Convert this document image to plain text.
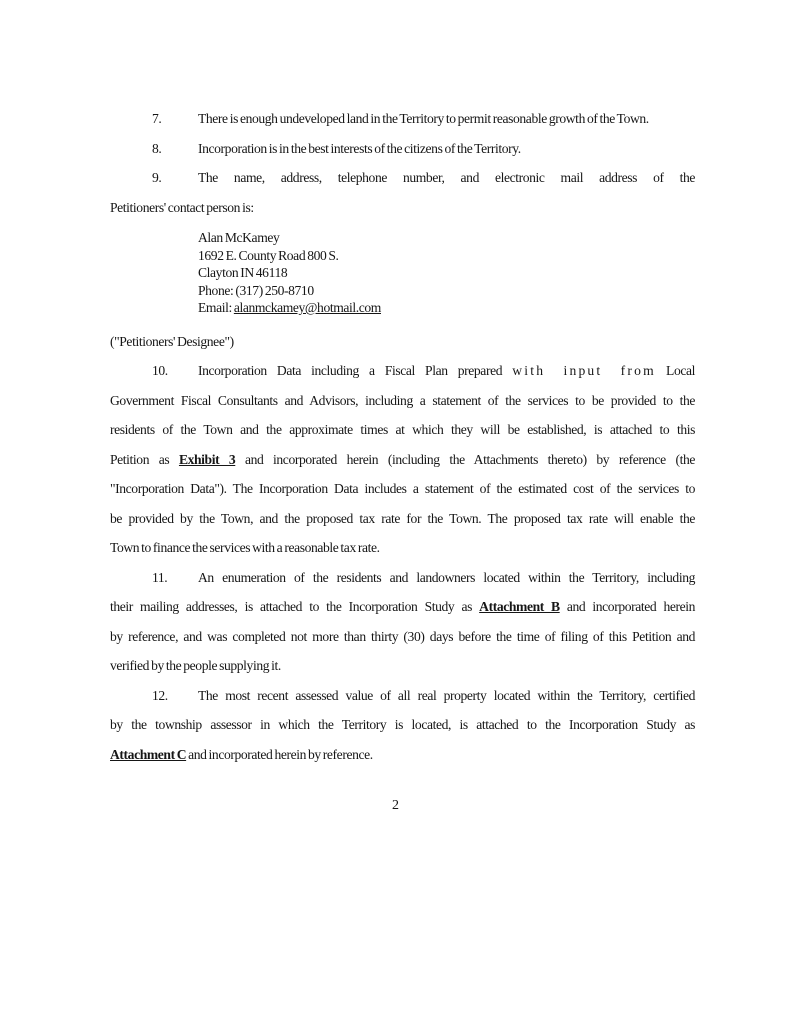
7.	There is enough undeveloped land in the Territory to permit reasonable growth of the Town.
8.	Incorporation is in the best interests of the citizens of the Territory.
9.	The name, address, telephone number, and electronic mail address of the
Petitioners' contact person is:
Alan McKamey
1692 E. County Road 800 S.
Clayton IN 46118
Phone: (317) 250-8710
Email: alanmckamey@hotmail.com
("Petitioners' Designee")
10. Incorporation Data including a Fiscal Plan prepared with input from Local
Government Fiscal Consultants and Advisors, including a statement of the services to be provided to the
residents of the Town and the approximate times at which they will be established, is attached to this
Petition as Exhibit 3 and incorporated herein (including the Attachments thereto) by reference (the
"Incorporation Data"). The Incorporation Data includes a statement of the estimated cost of the services to
be provided by the Town, and the proposed tax rate for the Town. The proposed tax rate will enable the
Town to finance the services with a reasonable tax rate.
11. An enumeration of the residents and landowners located within the Territory, including
their mailing addresses, is attached to the Incorporation Study as Attachment B and incorporated herein
by reference, and was completed not more than thirty (30) days before the time of filing of this Petition and
verified by the people supplying it.
12. The most recent assessed value of all real property located within the Territory, certified
by the township assessor in which the Territory is located, is attached to the Incorporation Study as
Attachment C and incorporated herein by reference.
2
